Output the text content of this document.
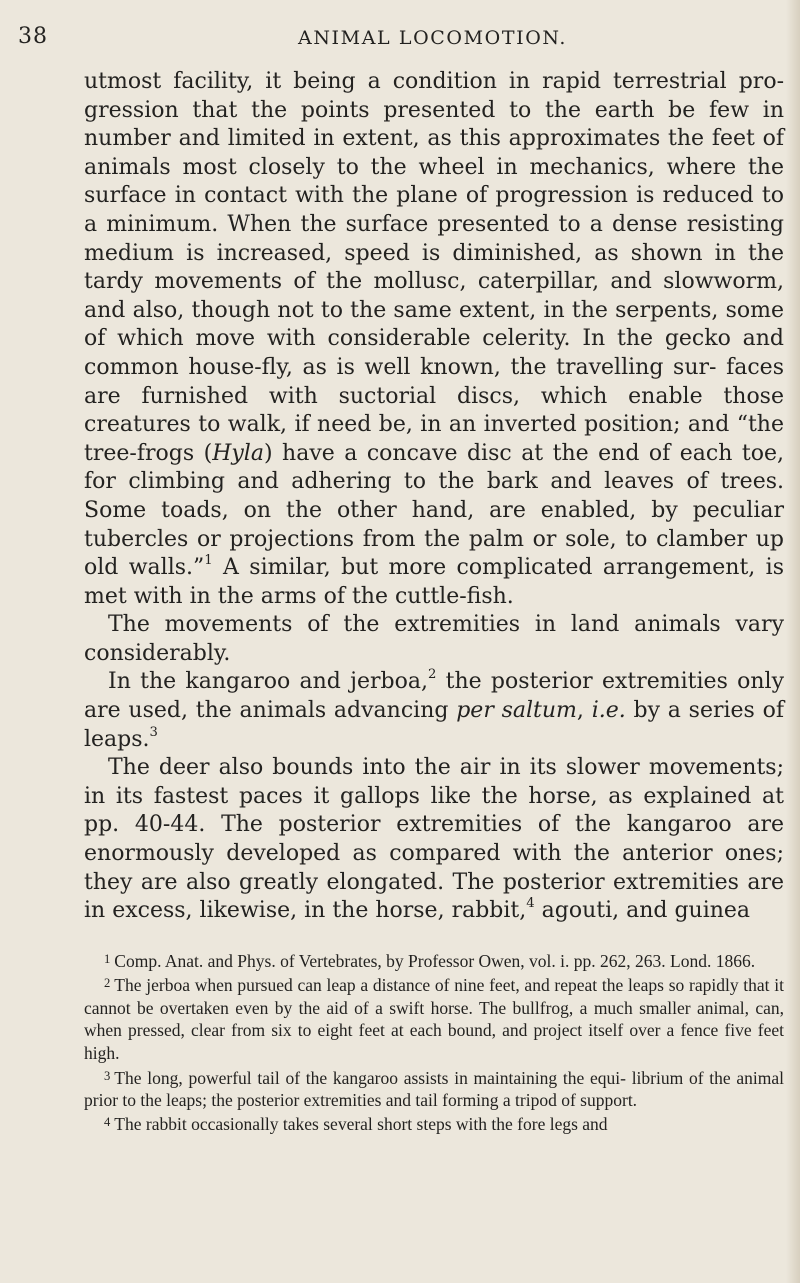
38	ANIMAL LOCOMOTION.

utmost facility, it being a condition in rapid terrestrial pro- gression that the points presented to the earth be few in number and limited in extent, as this approximates the feet of animals most closely to the wheel in mechanics, where the surface in contact with the plane of progression is reduced to a minimum. When the surface presented to a dense resisting medium is increased, speed is diminished, as shown in the tardy movements of the mollusc, caterpillar, and slowworm, and also, though not to the same extent, in the serpents, some of which move with considerable celerity. In the gecko and common house-fly, as is well known, the travelling sur- faces are furnished with suctorial discs, which enable those creatures to walk, if need be, in an inverted position; and “the tree-frogs (Hyla) have a concave disc at the end of each toe, for climbing and adhering to the bark and leaves of trees. Some toads, on the other hand, are enabled, by peculiar tubercles or projections from the palm or sole, to clamber up old walls.”$^1$ A similar, but more complicated arrangement, is met with in the arms of the cuttle-fish.

The movements of the extremities in land animals vary considerably.

In the kangaroo and jerboa,$^2$ the posterior extremities only are used, the animals advancing per saltum, i.e. by a series of leaps.$^3$

The deer also bounds into the air in its slower movements; in its fastest paces it gallops like the horse, as explained at pp. 40-44. The posterior extremities of the kangaroo are enormously developed as compared with the anterior ones; they are also greatly elongated. The posterior extremities are in excess, likewise, in the horse, rabbit,$^4$ agouti, and guinea

$^1$ Comp. Anat. and Phys. of Vertebrates, by Professor Owen, vol. i. pp. 262, 263. Lond. 1866.

$^2$ The jerboa when pursued can leap a distance of nine feet, and repeat the leaps so rapidly that it cannot be overtaken even by the aid of a swift horse. The bullfrog, a much smaller animal, can, when pressed, clear from six to eight feet at each bound, and project itself over a fence five feet high.

$^3$ The long, powerful tail of the kangaroo assists in maintaining the equi- librium of the animal prior to the leaps; the posterior extremities and tail forming a tripod of support.

$^4$ The rabbit occasionally takes several short steps with the fore legs and
